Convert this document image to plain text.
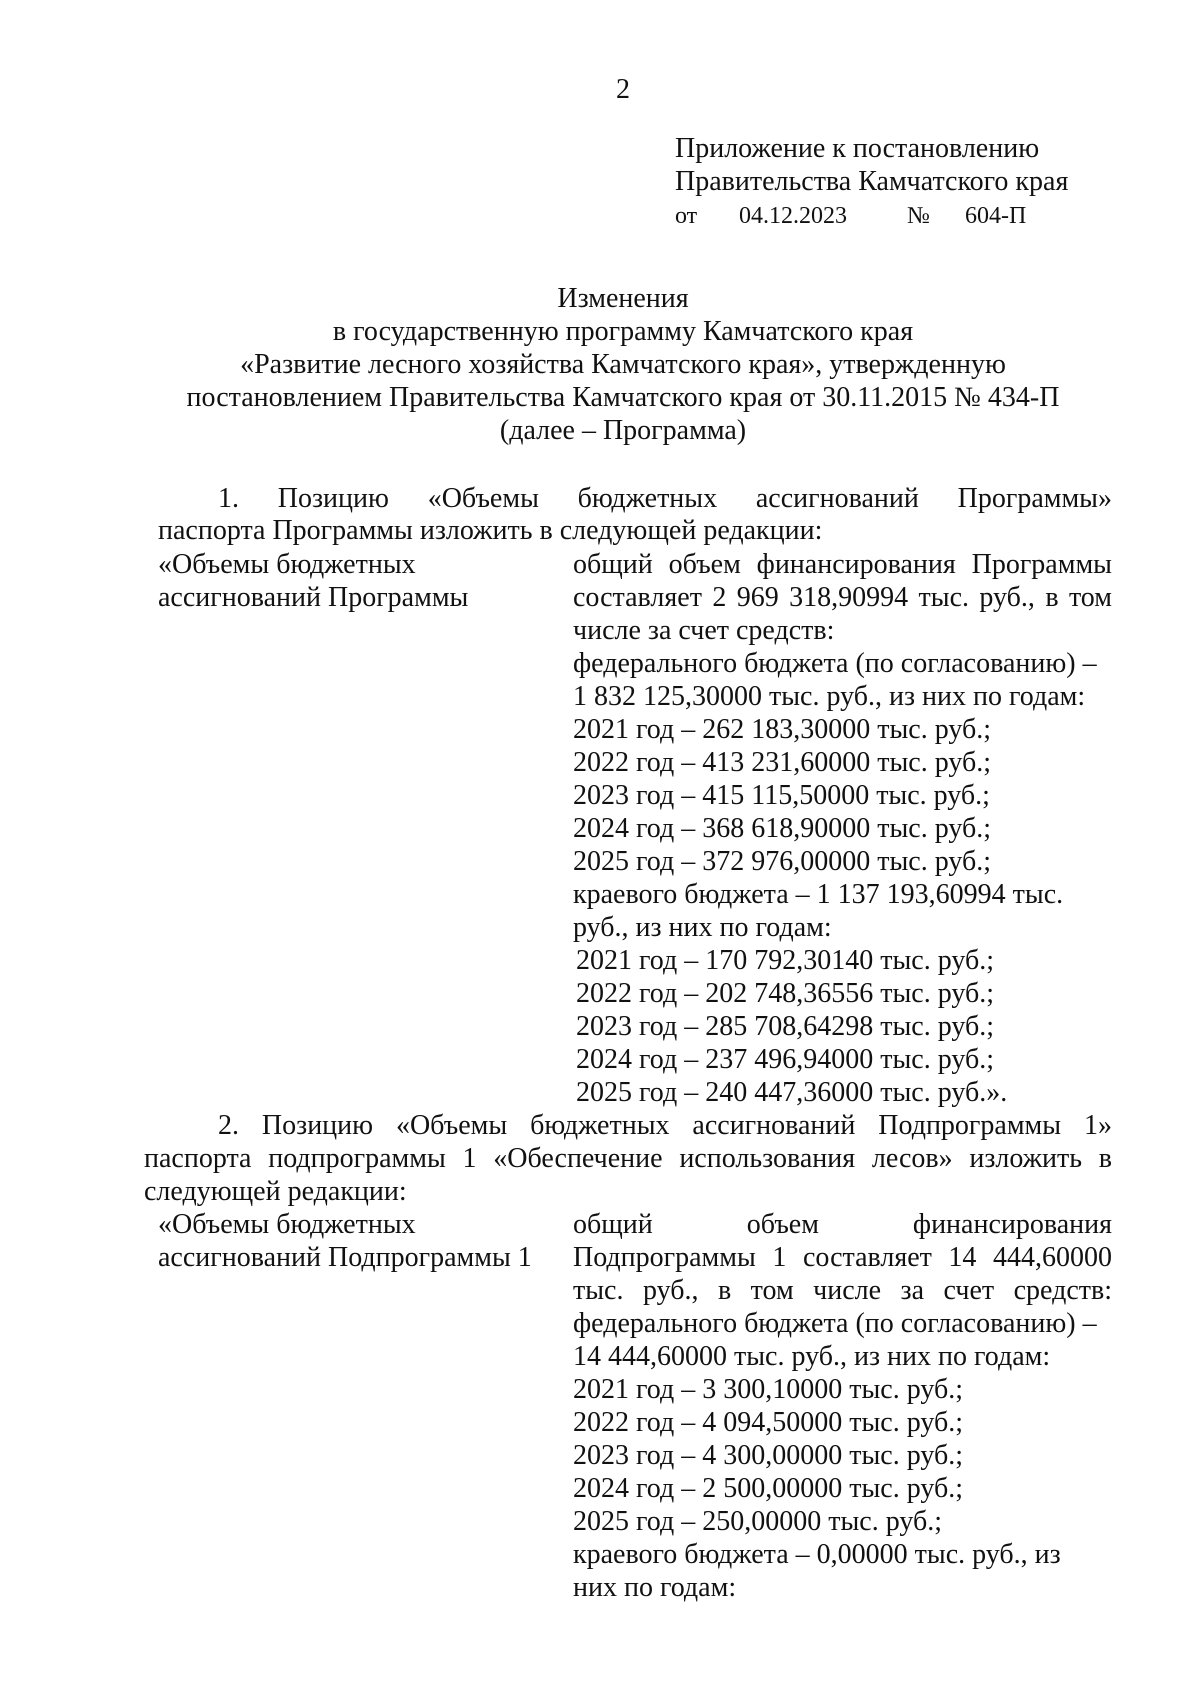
2
Приложение к постановлению
Правительства Камчатского края
от 04.12.2023	№ 604-П
Изменения
в государственную программу Камчатского края
«Развитие лесного хозяйства Камчатского края», утвержденную
постановлением Правительства Камчатского края от 30.11.2015 № 434-П
(далее – Программа)
1. Позицию «Объемы бюджетных ассигнований Программы»
паспорта Программы изложить в следующей редакции:
«Объемы бюджетных
ассигнований Программы
общий объем финансирования Программы
составляет 2 969 318,90994 тыс. руб., в том
числе за счет средств:
федерального бюджета (по согласованию) –
1 832 125,30000 тыс. руб., из них по годам:
2021 год – 262 183,30000 тыс. руб.;
2022 год – 413 231,60000 тыс. руб.;
2023 год – 415 115,50000 тыс. руб.;
2024 год – 368 618,90000 тыс. руб.;
2025 год – 372 976,00000 тыс. руб.;
краевого бюджета – 1 137 193,60994 тыс.
руб., из них по годам:
2021 год – 170 792,30140 тыс. руб.;
2022 год – 202 748,36556 тыс. руб.;
2023 год – 285 708,64298 тыс. руб.;
2024 год – 237 496,94000 тыс. руб.;
2025 год – 240 447,36000 тыс. руб.».
2. Позицию «Объемы бюджетных ассигнований Подпрограммы 1»
паспорта подпрограммы 1 «Обеспечение использования лесов» изложить в
следующей редакции:
«Объемы бюджетных
ассигнований Подпрограммы 1
общий объем финансирования
Подпрограммы 1 составляет 14 444,60000
тыс. руб., в том числе за счет средств:
федерального бюджета (по согласованию) –
14 444,60000 тыс. руб., из них по годам:
2021 год – 3 300,10000 тыс. руб.;
2022 год – 4 094,50000 тыс. руб.;
2023 год – 4 300,00000 тыс. руб.;
2024 год – 2 500,00000 тыс. руб.;
2025 год – 250,00000 тыс. руб.;
краевого бюджета – 0,00000 тыс. руб., из
них по годам:
